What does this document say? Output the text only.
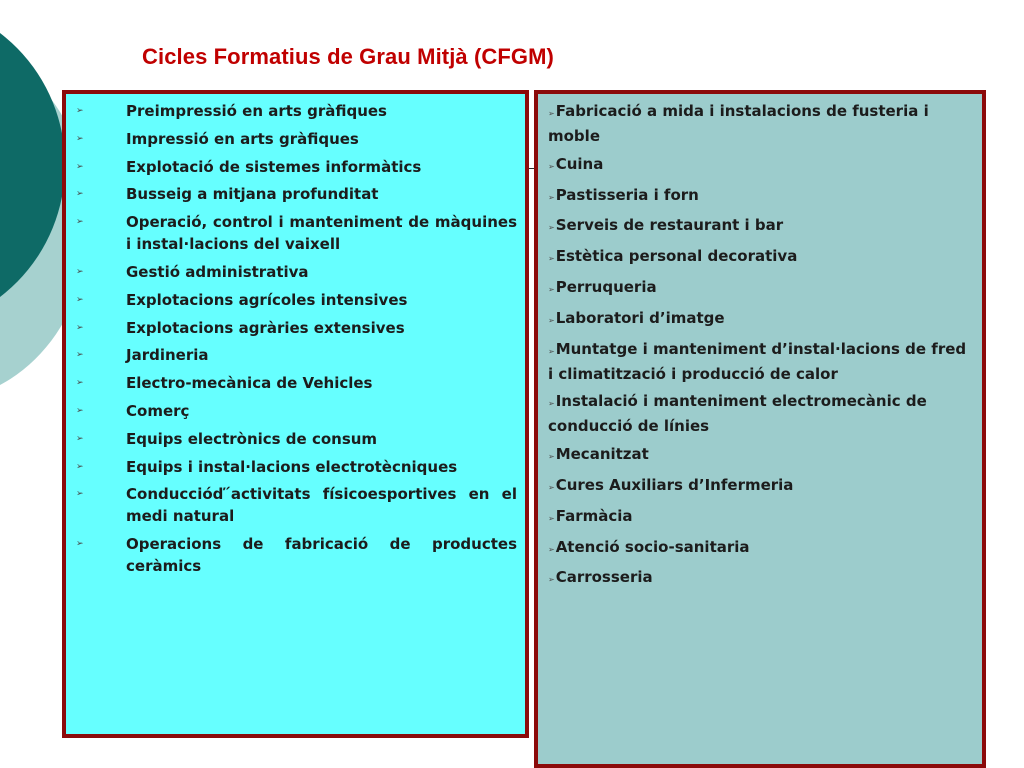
Cicles Formatius de Grau Mitjà (CFGM)
➢	Preimpressió en arts gràfiques
➢	Impressió en arts gràfiques
➢	Explotació de sistemes informàtics
➢	Busseig a mitjana profunditat
➢	Operació, control i manteniment de màquines i instal·lacions del vaixell
➢	Gestió administrativa
➢	Explotacions agrícoles intensives
➢	Explotacions agràries extensives
➢	Jardineria
➢	Electro-mecànica de Vehicles
➢	Comerç
➢	Equips electrònics de consum
➢	Equips i instal·lacions electrotècniques
➢	Conduccióď´activitats físicoesportives en el medi natural
➢	Operacions de fabricació de productes ceràmics
➢Fabricació a mida i instalacions de fusteria i moble
➢Cuina
➢Pastisseria i forn
➢Serveis de restaurant i bar
➢Estètica personal decorativa
➢Perruqueria
➢Laboratori d’imatge
➢Muntatge i manteniment d’instal·lacions de fred i climatització i producció de calor
➢Instalació i manteniment electromecànic de conducció de línies
➢Mecanitzat
➢Cures Auxiliars d’Infermeria
➢Farmàcia
➢Atenció socio-sanitaria
➢Carrosseria
